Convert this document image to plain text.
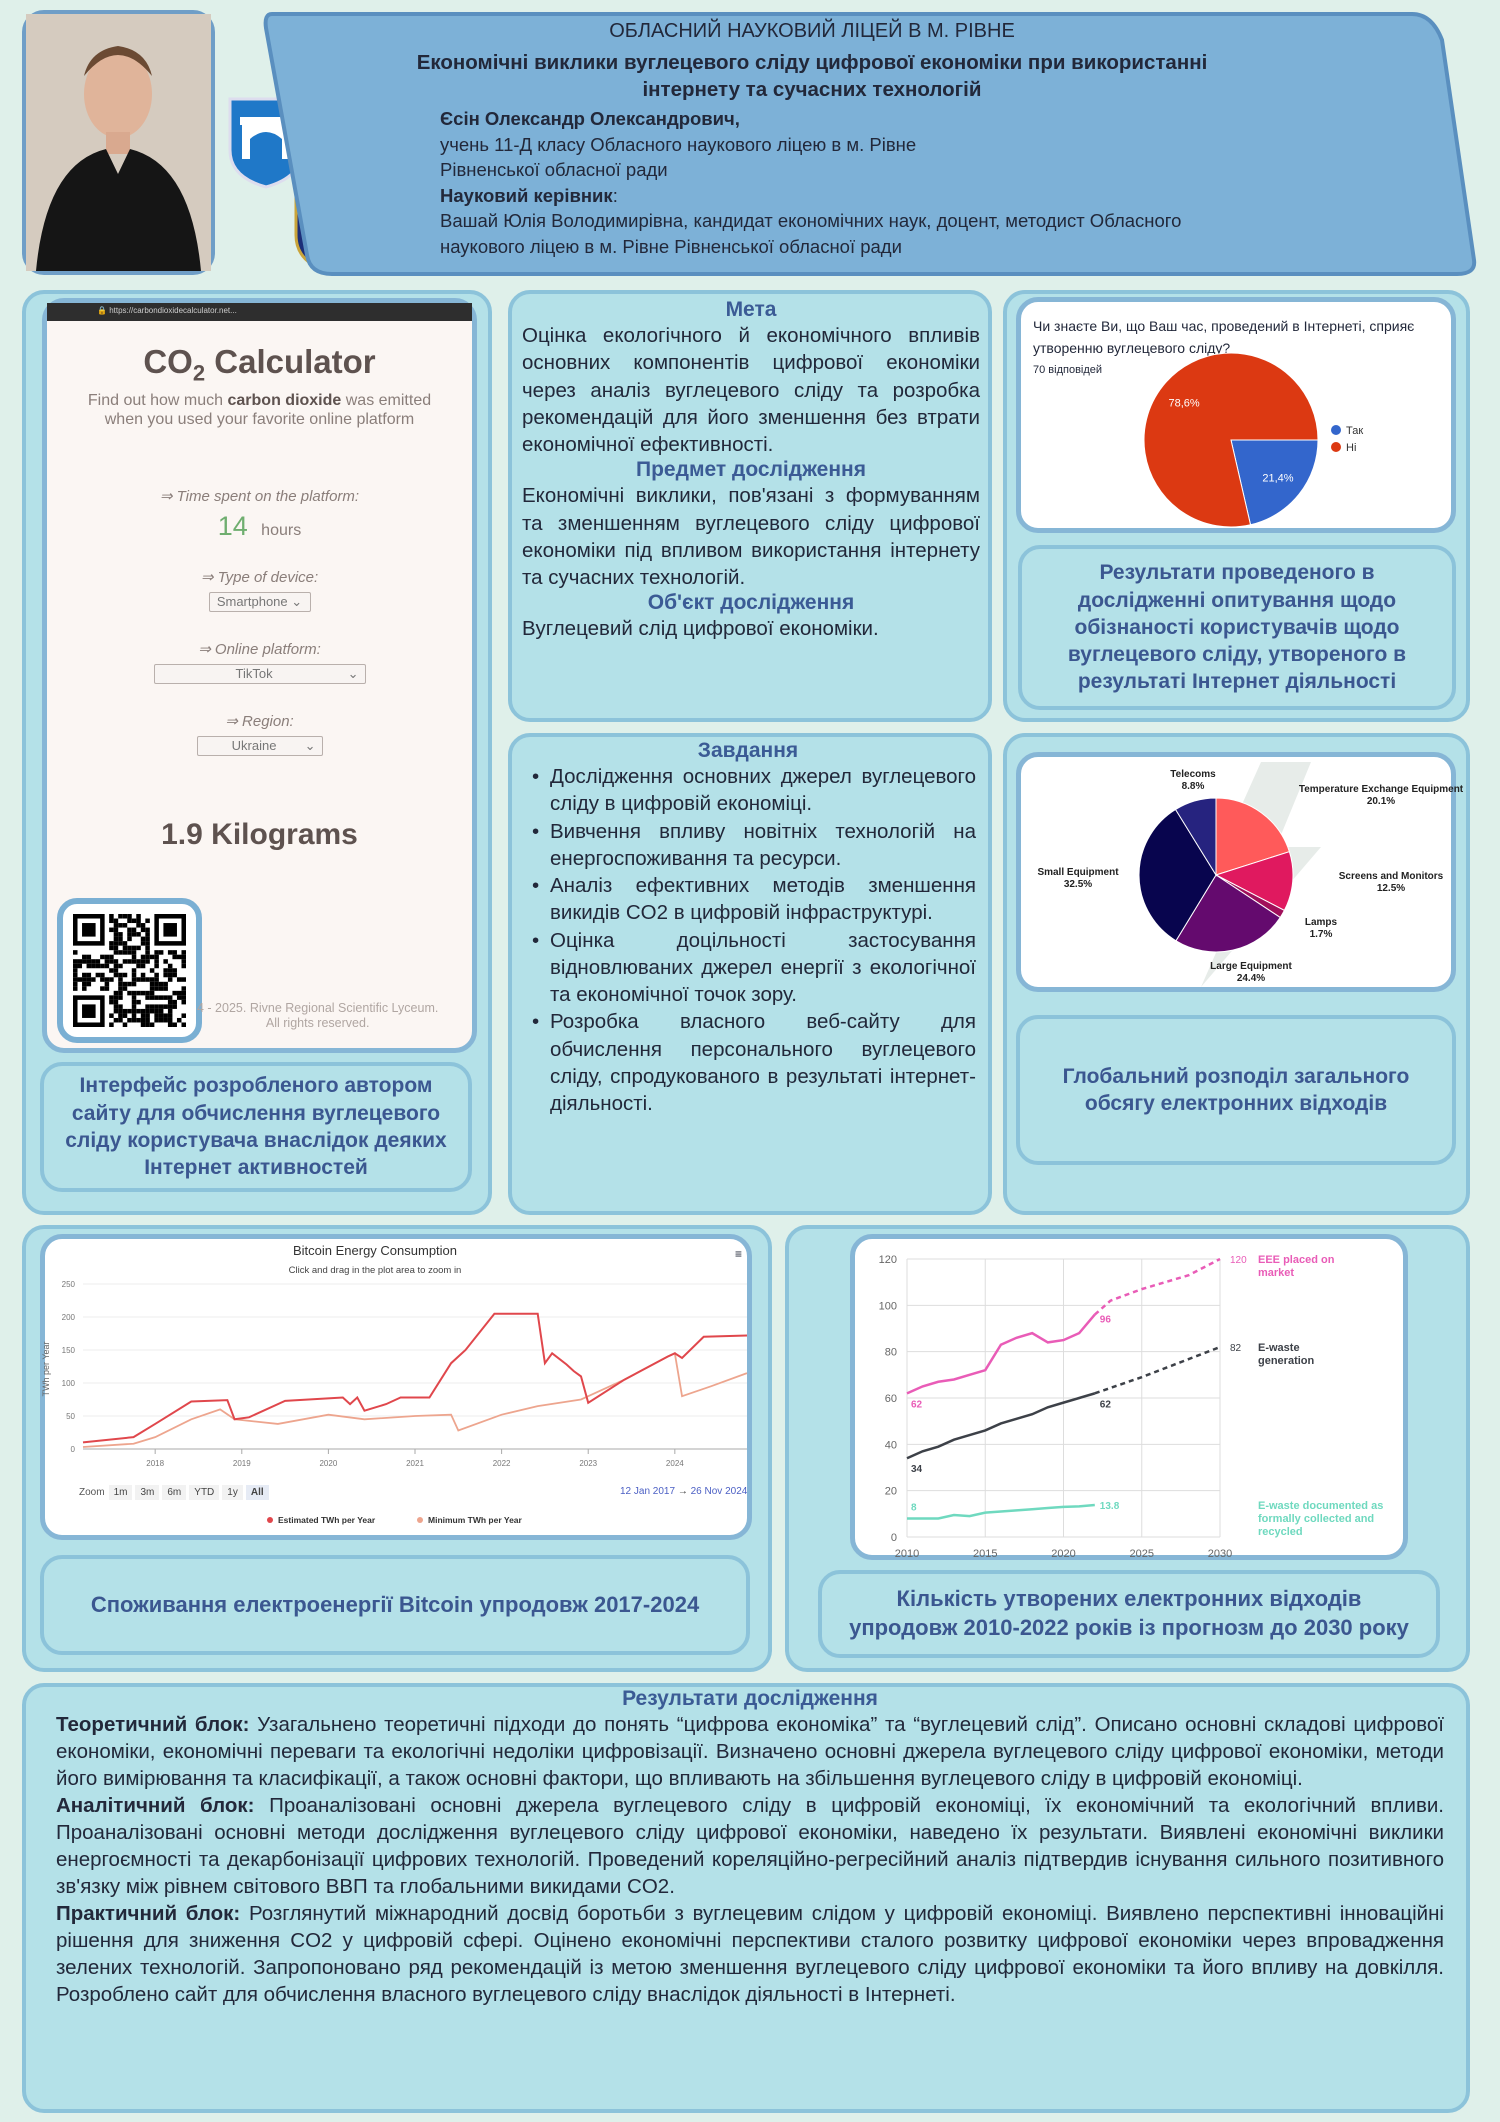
ОБЛАСНИЙ НАУКОВИЙ ЛІЦЕЙ В М. РІВНЕ
Економічні виклики вуглецевого сліду цифрової економіки при використанні
інтернету та сучасних технологій
Єсін Олександр Олександрович,
учень 11-Д класу Обласного наукового ліцею в м. Рівне
Рівненської обласної ради
Науковий керівник:
Вашай Юлія Володимирівна, кандидат економічних наук, доцент, методист Обласного
наукового ліцею в м. Рівне Рівненської обласної ради
🔒 https://carbondioxidecalculator.net...
$CO_2$ Calculator
Find out how much carbon dioxide was emitted when you used your favorite online platform
⇒ Time spent on the platform:
14 hours
⇒ Type of device:
Smartphone ⌄
⇒ Online platform:
TikTok	⌄
⇒ Region:
Ukraine ⌄
1.9 Kilograms
4 - 2025. Rivne Regional Scientific Lyceum.
All rights reserved.
Інтерфейс розробленого автором сайту для обчислення вуглецевого сліду користувача внаслідок деяких Інтернет активностей
Мета
Оцінка екологічного й економічного впливів основних компонентів цифрової економіки через аналіз вуглецевого сліду та розробка рекомендацій для його зменшення без втрати економічної ефективності.
Предмет дослідження
Економічні виклики, пов'язані з формуванням та зменшенням вуглецевого сліду цифрової економіки під впливом використання інтернету та сучасних технологій.
Об'єкт дослідження
Вуглецевий слід цифрової економіки.
Завдання
• Дослідження основних джерел вуглецевого сліду в цифровій економіці.
• Вивчення впливу новітніх технологій на енергоспоживання та ресурси.
• Аналіз ефективних методів зменшення викидів CO2 в цифровій інфраструктурі.
• Оцінка доцільності застосування відновлюваних джерел енергії з екологічної та економічної точок зору.
• Розробка власного веб-сайту для обчислення персонального вуглецевого сліду, спродукованого в результаті інтернет-діяльності.
Чи знаєте Ви, що Ваш час, проведений в Інтернеті, сприяє утворенню вуглецевого сліду?
70 відповідей
21,4%
Так
78,6%
Ні
Результати проведеного в дослідженні опитування щодо обізнаності користувачів щодо вуглецевого сліду, утвореного в результаті Інтернет діяльності
Temperature Exchange Equipment
20.1%
Screens and Monitors
12.5%
Lamps
1.7%
Large Equipment
24.4%
Small Equipment
32.5%
Telecoms
8.8%
Глобальний розподіл загального обсягу електронних відходів
Bitcoin Energy Consumption
Click and drag in the plot area to zoom in
TWh per Year
0
50
100
150
200
250
2018	2019	2020	2021	2022	2023	2024
Estimated TWh per Year	Minimum TWh per Year
≡
Zoom 1m 3m 6m YTD 1y All	12 Jan 2017 → 26 Nov 2024
Споживання електроенергії Bitcoin упродовж 2017-2024
0
20
40
60
80
100
120
2010	2015	2020	2025	2030
62
96
120 EEE placed on
market
34
62
82 E-waste
generation
8	13.8	E-waste documented as
formally collected and
recycled
Кількість утворених електронних відходів упродовж 2010-2022 років із прогнозм до 2030 року
Результати дослідження
Теоретичний блок: Узагальнено теоретичні підходи до понять “цифрова економіка” та “вуглецевий слід”. Описано основні складові цифрової економіки, економічні переваги та екологічні недоліки цифровізації. Визначено основні джерела вуглецевого сліду цифрової економіки, методи його вимірювання та класифікації, а також основні фактори, що впливають на збільшення вуглецевого сліду в цифровій економіці.
Аналітичний блок: Проаналізовані основні джерела вуглецевого сліду в цифровій економіці, їх економічний та екологічний впливи. Проаналізовані основні методи дослідження вуглецевого сліду цифрової економіки, наведено їх результати. Виявлені економічні виклики енергоємності та декарбонізації цифрових технологій. Проведений кореляційно-регресійний аналіз підтвердив існування сильного позитивного зв'язку між рівнем світового ВВП та глобальними викидами CO2.
Практичний блок: Розглянутий міжнародний досвід боротьби з вуглецевим слідом у цифровій економіці. Виявлено перспективні інноваційні рішення для зниження CO2 у цифровій сфері. Оцінено економічні перспективи сталого розвитку цифрової економіки через впровадження зелених технологій. Запропоновано ряд рекомендацій із метою зменшення вуглецевого сліду цифрової економіки та його впливу на довкілля. Розроблено сайт для обчислення власного вуглецевого сліду внаслідок діяльності в Інтернеті.
